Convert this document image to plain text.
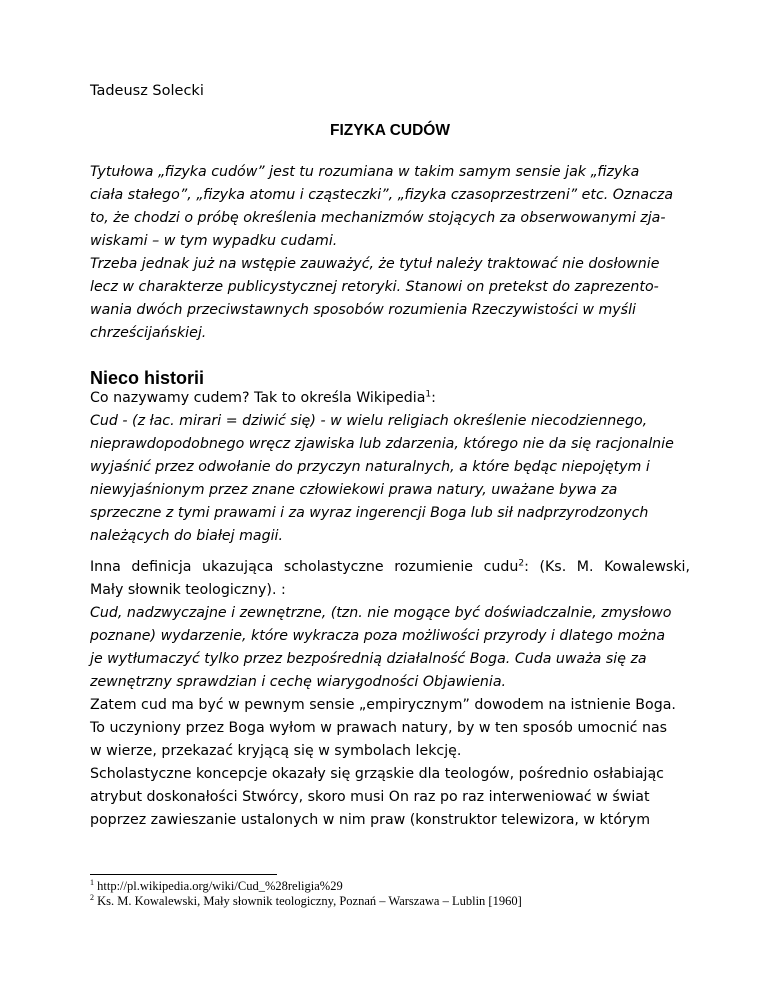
Tadeusz Solecki
FIZYKA CUDÓW

Tytułowa „fizyka cudów” jest tu rozumiana w takim samym sensie jak „fizyka
ciała stałego”, „fizyka atomu i cząsteczki”, „fizyka czasoprzestrzeni” etc. Oznacza
to, że chodzi o próbę określenia mechanizmów stojących za obserwowanymi zja-
wiskami – w tym wypadku cudami.

Trzeba jednak już na wstępie zauważyć, że tytuł należy traktować nie dosłownie
lecz w charakterze publicystycznej retoryki. Stanowi on pretekst do zaprezento-
wania dwóch przeciwstawnych sposobów rozumienia Rzeczywistości w myśli
chrześcijańskiej.

Nieco historii

Co nazywamy cudem? Tak to określa Wikipedia$^1$:

Cud - (z łac. mirari = dziwić się) - w wielu religiach określenie niecodziennego,
nieprawdopodobnego wręcz zjawiska lub zdarzenia, którego nie da się racjonalnie
wyjaśnić przez odwołanie do przyczyn naturalnych, a które będąc niepojętym i
niewyjaśnionym przez znane człowiekowi prawa natury, uważane bywa za
sprzeczne z tymi prawami i za wyraz ingerencji Boga lub sił nadprzyrodzonych
należących do białej magii.

Inna definicja ukazująca scholastyczne rozumienie cudu$^2$: (Ks. M. Kowalewski,
Mały słownik teologiczny). :

Cud, nadzwyczajne i zewnętrzne, (tzn. nie mogące być doświadczalnie, zmysłowo
poznane) wydarzenie, które wykracza poza możliwości przyrody i dlatego można
je wytłumaczyć tylko przez bezpośrednią działalność Boga. Cuda uważa się za
zewnętrzny sprawdzian i cechę wiarygodności Objawienia.

Zatem cud ma być w pewnym sensie „empirycznym” dowodem na istnienie Boga.
To uczyniony przez Boga wyłom w prawach natury, by w ten sposób umocnić nas
w wierze, przekazać kryjącą się w symbolach lekcję.
Scholastyczne koncepcje okazały się grząskie dla teologów, pośrednio osłabiając
atrybut doskonałości Stwórcy, skoro musi On raz po raz interweniować w świat
poprzez zawieszanie ustalonych w nim praw (konstruktor telewizora, w którym

$^1$ http://pl.wikipedia.org/wiki/Cud_%28religia%29
$^2$ Ks. M. Kowalewski, Mały słownik teologiczny, Poznań – Warszawa – Lublin [1960]
